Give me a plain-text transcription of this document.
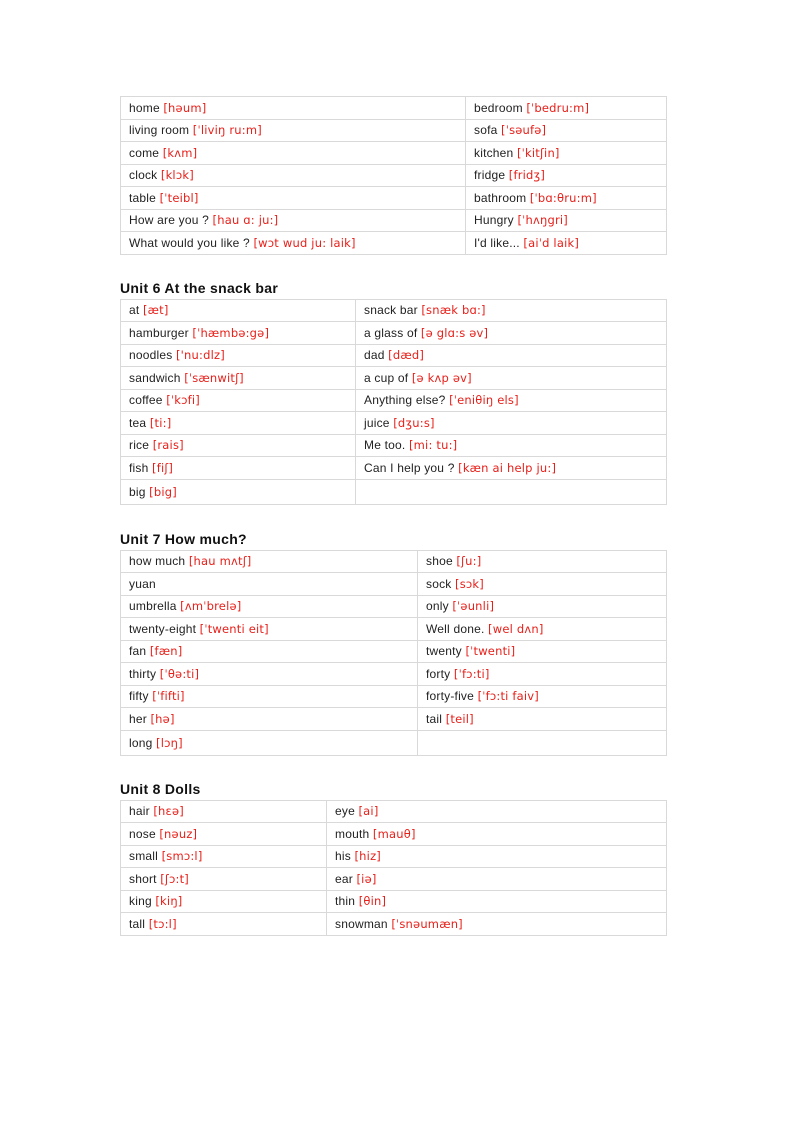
home [həum]	bedroom [ˈbedru:m]
living room [ˈliviŋ ru:m]	sofa [ˈsəufə]
come [kʌm]	kitchen [ˈkitʃin]
clock [klɔk]	fridge [fridʒ]
table [ˈteibl]	bathroom [ˈbɑ:θru:m]
How are you ? [hau ɑ: ju:]	Hungry [ˈhʌŋgri]
What would you like ? [wɔt wud ju: laik]	I'd like... [aiˈd laik]
Unit 6 At the snack bar
at [æt]	snack bar [snæk bɑ:]
hamburger [ˈhæmbə:gə]	a glass of [ə glɑ:s əv]
noodles ['nu:dlz]	dad [dæd]
sandwich [ˈsænwitʃ]	a cup of [ə kʌp əv]
coffee [ˈkɔfi]	Anything else? [ˈeniθiŋ els]
tea [ti:]	juice [dʒu:s]
rice [rais]	Me too. [mi: tu:]
fish [fiʃ]	Can I help you ? [kæn ai help ju:]
big [big]	
Unit 7 How much?
how much [hau mʌtʃ]	shoe [ʃu:]
yuan	sock [sɔk]
umbrella [ʌmˈbrelə]	only [ˈəunli]
twenty-eight [ˈtwenti eit]	Well done. [wel dʌn]
fan [fæn]	twenty [ˈtwenti]
thirty [ˈθə:ti]	forty [ˈfɔ:ti]
fifty [ˈfifti]	forty-five [ˈfɔ:ti faiv]
her [hə]	tail [teil]
long [lɔŋ]	
Unit 8 Dolls
hair [hɛə]	eye [ai]
nose [nəuz]	mouth [mauθ]
small [smɔ:l]	his [hiz]
short [ʃɔ:t]	ear [iə]
king [kiŋ]	thin [θin]
tall [tɔ:l]	snowman [ˈsnəumæn]
